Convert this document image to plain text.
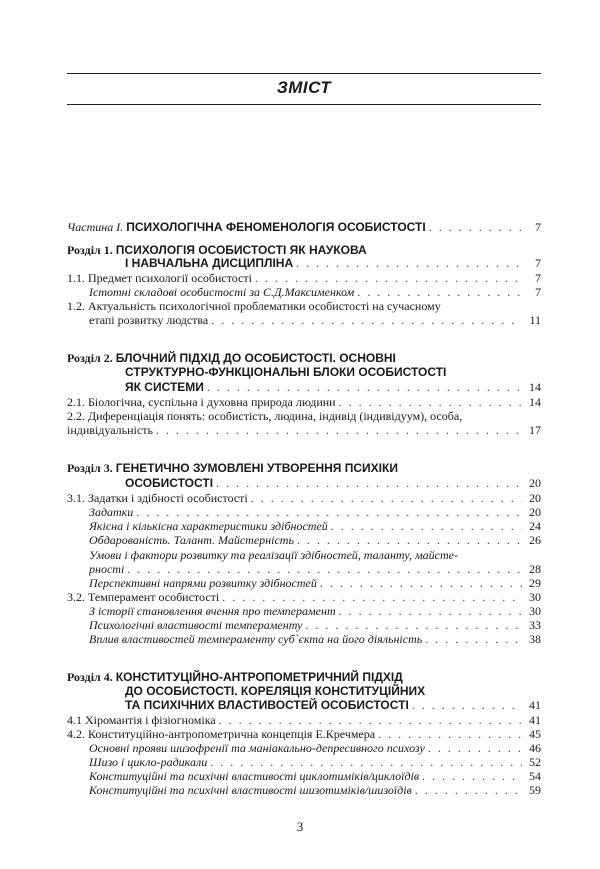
ЗМІСТ
Частина І. ПСИХОЛОГІЧНА ФЕНОМЕНОЛОГІЯ ОСОБИСТОСТІ . . .	7
Розділ 1. ПСИХОЛОГІЯ ОСОБИСТОСТІ ЯК НАУКОВА
І НАВЧАЛЬНА ДИСЦИПЛІНА . . .	7
1.1. Предмет психології особистості . . .	7
Істотні складові особистості за С.Д.Максименком . . .	7
1.2. Актуальність психологічної проблематики особистості на сучасному
етапі розвитку людства . . .	11
Розділ 2. БЛОЧНИЙ ПІДХІД ДО ОСОБИСТОСТІ. ОСНОВНІ
СТРУКТУРНО-ФУНКЦІОНАЛЬНІ БЛОКИ ОСОБИСТОСТІ
ЯК СИСТЕМИ . . .	14
2.1. Біологічна, суспільна і духовна природа людини . . .	14
2.2. Диференціація понять: особистість, людина, індивід (індивідуум), особа,
індивідуальність . . .	17
Розділ 3. ГЕНЕТИЧНО ЗУМОВЛЕНІ УТВОРЕННЯ ПСИХІКИ
ОСОБИСТОСТІ . . .	20
3.1. Задатки і здібності особистості . . .	20
Задатки . . .	20
Якісна і кількісна характеристики здібностей . . .	24
Обдарованість. Талант. Майстерність . . .	26
Умови і фактори розвитку та реалізації здібностей, таланту, майсте-
рності . . .	28
Перспективні напрями розвитку здібностей . . .	29
3.2. Темперамент особистості . . .	30
З історії становлення вчення про темперамент . . .	30
Психологічні властивості темпераменту . . .	33
Вплив властивостей темпераменту суб`єкта на його діяльність . . .	38
Розділ 4. КОНСТИТУЦІЙНО-АНТРОПОМЕТРИЧНИЙ ПІДХІД
ДО ОСОБИСТОСТІ. КОРЕЛЯЦІЯ КОНСТИТУЦІЙНИХ
ТА ПСИХІЧНИХ ВЛАСТИВОСТЕЙ ОСОБИСТОСТІ . . .	41
4.1 Хіромантія і фізіогноміка . . .	41
4.2. Конституційно-антропометрична концепція Е.Кречмера . . .	45
Основні прояви шизофренії та маніакально-депресивного психозу . . .	46
Шизо і цикло-радикали . . .	52
Конституційні та психічні властивості циклотиміків/циклоїдів . . .	54
Конституційні та психічні властивості шизотиміків/шизоїдів . . .	59
3
